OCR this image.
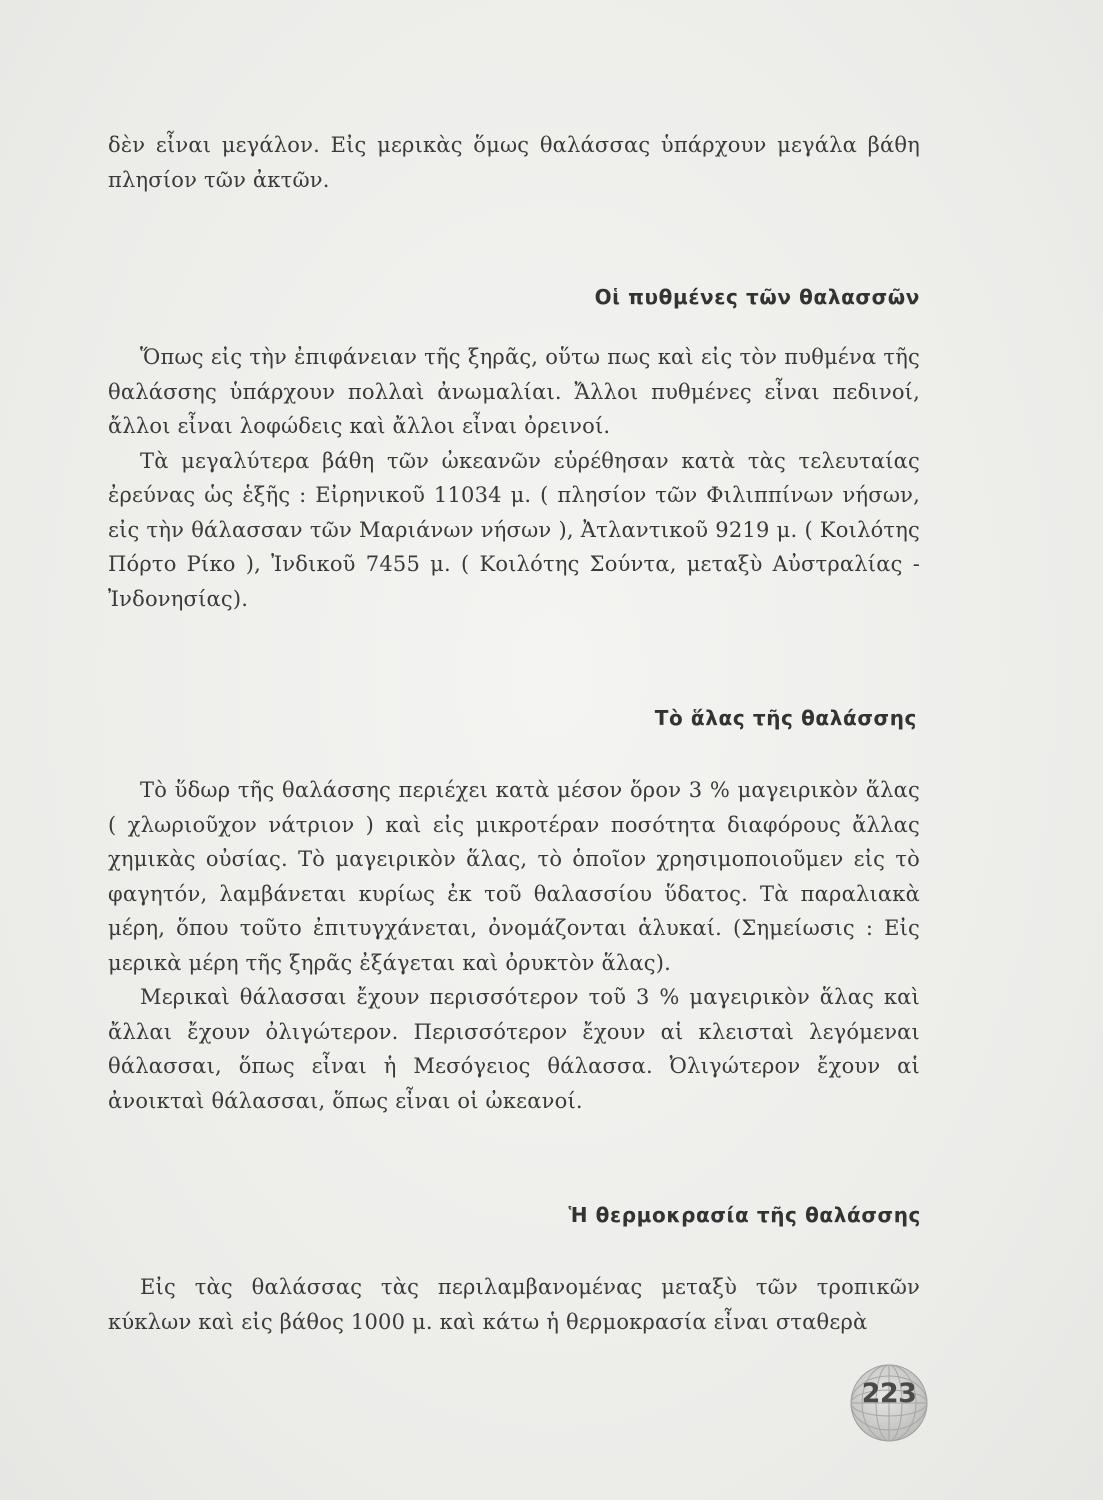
δὲν εἶναι μεγάλον. Εἰς μερικὰς ὅμως θαλάσσας ὑπάρχουν μεγάλα βάθη πλησίον τῶν ἀκτῶν.

Οἱ πυθμένες τῶν θαλασσῶν

Ὅπως εἰς τὴν ἐπιφάνειαν τῆς ξηρᾶς, οὕτω πως καὶ εἰς τὸν πυθμένα τῆς θαλάσσης ὑπάρχουν πολλαὶ ἀνωμαλίαι. Ἄλλοι πυθμένες εἶναι πεδινοί, ἄλλοι εἶναι λοφώδεις καὶ ἄλλοι εἶναι ὀρεινοί.

Τὰ μεγαλύτερα βάθη τῶν ὠκεανῶν εὑρέθησαν κατὰ τὰς τελευταίας ἐρεύνας ὡς ἑξῆς : Εἰρηνικοῦ 11034 μ. ( πλησίον τῶν Φιλιππίνων νήσων, εἰς τὴν θάλασσαν τῶν Μαριάνων νήσων ), Ἀτλαντικοῦ 9219 μ. ( Κοιλότης Πόρτο Ρίκο ), Ἰνδικοῦ 7455 μ. ( Κοιλότης Σούντα, μεταξὺ Αὐστραλίας - Ἰνδονησίας).

Τὸ ἅλας τῆς θαλάσσης

Τὸ ὕδωρ τῆς θαλάσσης περιέχει κατὰ μέσον ὅρον 3 % μαγειρικὸν ἅλας ( χλωριοῦχον νάτριον ) καὶ εἰς μικροτέραν ποσότητα διαφόρους ἄλλας χημικὰς οὐσίας. Τὸ μαγειρικὸν ἅλας, τὸ ὁποῖον χρησιμοποιοῦμεν εἰς τὸ φαγητόν, λαμβάνεται κυρίως ἐκ τοῦ θαλασσίου ὕδατος. Τὰ παραλιακὰ μέρη, ὅπου τοῦτο ἐπιτυγχάνεται, ὀνομάζονται ἁλυκαί. (Σημείωσις : Εἰς μερικὰ μέρη τῆς ξηρᾶς ἐξάγεται καὶ ὀρυκτὸν ἅλας).

Μερικαὶ θάλασσαι ἔχουν περισσότερον τοῦ 3 % μαγειρικὸν ἅλας καὶ ἄλλαι ἔχουν ὀλιγώτερον. Περισσότερον ἔχουν αἱ κλεισταὶ λεγόμεναι θάλασσαι, ὅπως εἶναι ἡ Μεσόγειος θάλασσα. Ὀλιγώτερον ἔχουν αἱ ἀνοικταὶ θάλασσαι, ὅπως εἶναι οἱ ὠκεανοί.

Ἡ θερμοκρασία τῆς θαλάσσης

Εἰς τὰς θαλάσσας τὰς περιλαμβανομένας μεταξὺ τῶν τροπικῶν κύκλων καὶ εἰς βάθος 1000 μ. καὶ κάτω ἡ θερμοκρασία εἶναι σταθερὰ

223
